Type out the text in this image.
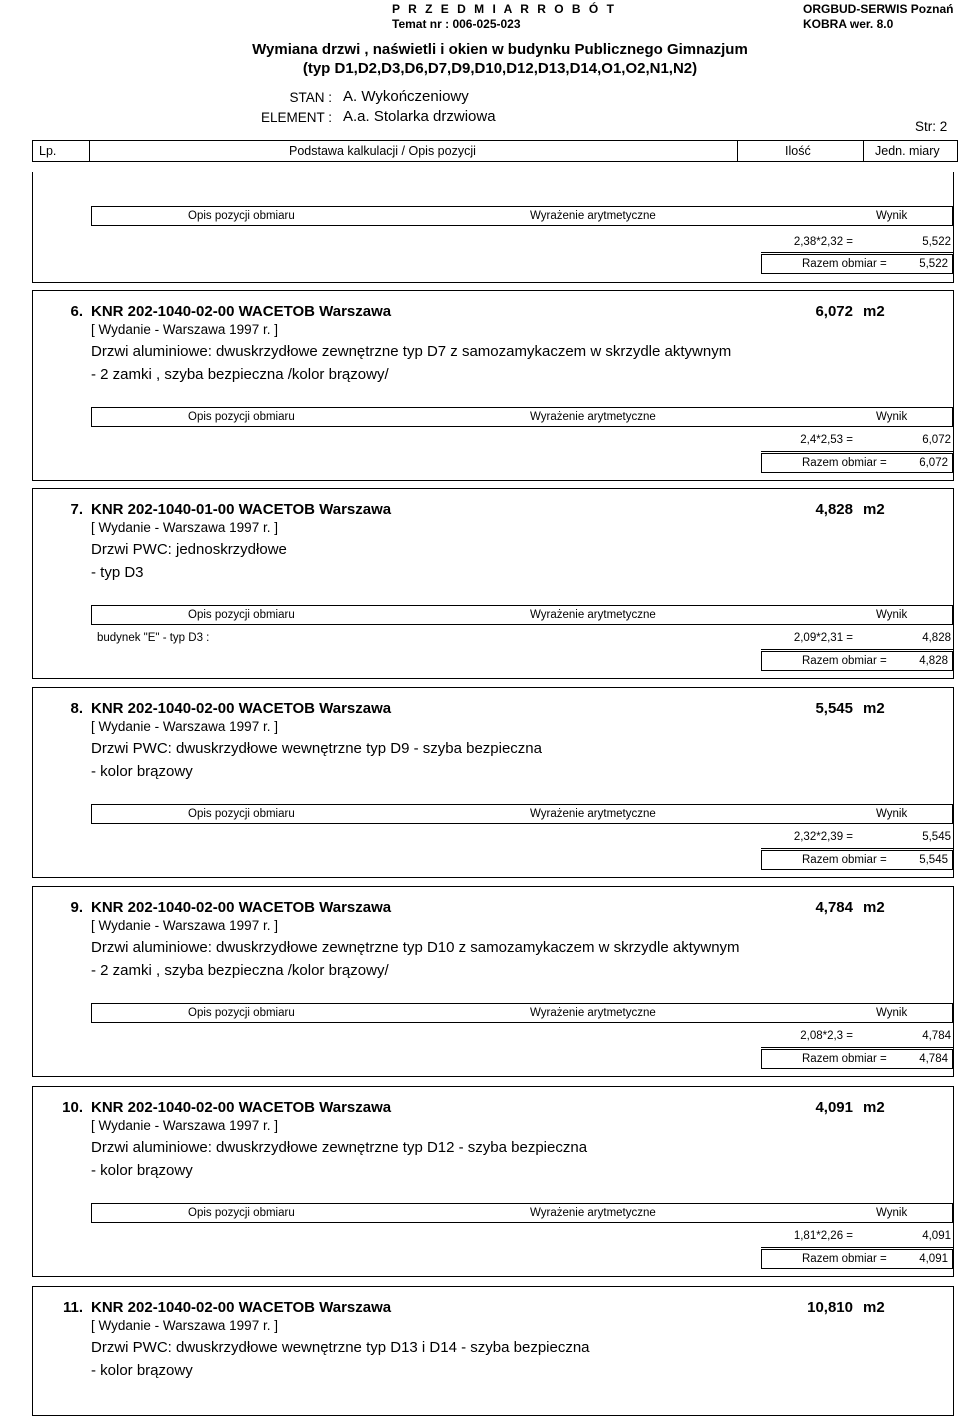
P R Z E D M I A R R O B Ó T
Temat nr : 006-025-023
ORGBUD-SERWIS Poznań
KOBRA wer. 8.0
Wymiana drzwi , naświetli i okien w budynku Publicznego Gimnazjum
(typ D1,D2,D3,D6,D7,D9,D10,D12,D13,D14,O1,O2,N1,N2)
STAN : A. Wykończeniowy
ELEMENT : A.a. Stolarka drzwiowa
Str: 2
Lp.	Podstawa kalkulacji / Opis pozycji	Ilość	Jedn. miary
Opis pozycji obmiaru	Wyrażenie arytmetyczne	Wynik
2,38*2,32 =	5,522
Razem obmiar =	5,522
6. KNR 202-1040-02-00 WACETOB Warszawa	6,072 m2
[ Wydanie - Warszawa 1997 r. ]
Drzwi aluminiowe: dwuskrzydłowe zewnętrzne typ D7 z samozamykaczem w skrzydle aktywnym
- 2 zamki , szyba bezpieczna /kolor brązowy/
Opis pozycji obmiaru	Wyrażenie arytmetyczne	Wynik
2,4*2,53 =	6,072
Razem obmiar =	6,072
7. KNR 202-1040-01-00 WACETOB Warszawa	4,828 m2
[ Wydanie - Warszawa 1997 r. ]
Drzwi PWC: jednoskrzydłowe
- typ D3
Opis pozycji obmiaru	Wyrażenie arytmetyczne	Wynik
budynek "E" - typ D3 :	2,09*2,31 =	4,828
Razem obmiar =	4,828
8. KNR 202-1040-02-00 WACETOB Warszawa	5,545 m2
[ Wydanie - Warszawa 1997 r. ]
Drzwi PWC: dwuskrzydłowe wewnętrzne typ D9 - szyba bezpieczna
- kolor brązowy
Opis pozycji obmiaru	Wyrażenie arytmetyczne	Wynik
2,32*2,39 =	5,545
Razem obmiar =	5,545
9. KNR 202-1040-02-00 WACETOB Warszawa	4,784 m2
[ Wydanie - Warszawa 1997 r. ]
Drzwi aluminiowe: dwuskrzydłowe zewnętrzne typ D10 z samozamykaczem w skrzydle aktywnym
- 2 zamki , szyba bezpieczna /kolor brązowy/
Opis pozycji obmiaru	Wyrażenie arytmetyczne	Wynik
2,08*2,3 =	4,784
Razem obmiar =	4,784
10. KNR 202-1040-02-00 WACETOB Warszawa	4,091 m2
[ Wydanie - Warszawa 1997 r. ]
Drzwi aluminiowe: dwuskrzydłowe zewnętrzne typ D12 - szyba bezpieczna
- kolor brązowy
Opis pozycji obmiaru	Wyrażenie arytmetyczne	Wynik
1,81*2,26 =	4,091
Razem obmiar =	4,091
11. KNR 202-1040-02-00 WACETOB Warszawa	10,810 m2
[ Wydanie - Warszawa 1997 r. ]
Drzwi PWC: dwuskrzydłowe wewnętrzne typ D13 i D14 - szyba bezpieczna
- kolor brązowy
